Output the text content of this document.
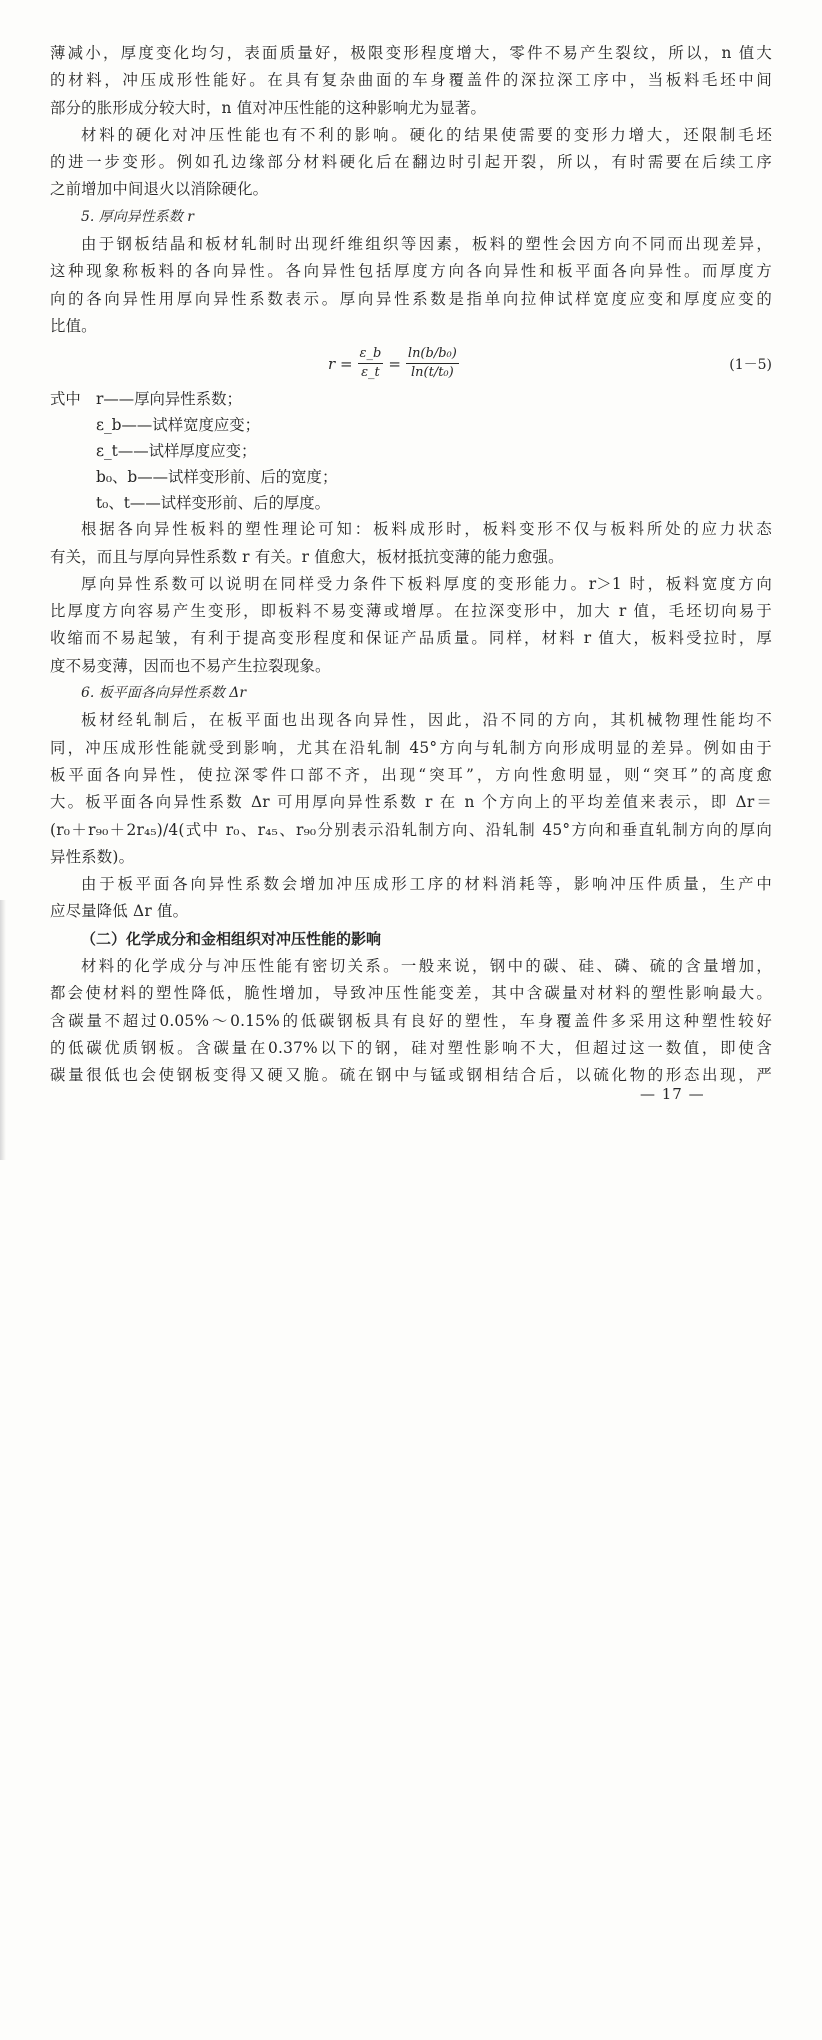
薄减小，厚度变化均匀，表面质量好，极限变形程度增大，零件不易产生裂纹，所以，n 值大

的材料，冲压成形性能好。在具有复杂曲面的车身覆盖件的深拉深工序中，当板料毛坯中间

部分的胀形成分较大时，n 值对冲压性能的这种影响尤为显著。

材料的硬化对冲压性能也有不利的影响。硬化的结果使需要的变形力增大，还限制毛坯

的进一步变形。例如孔边缘部分材料硬化后在翻边时引起开裂，所以，有时需要在后续工序

之前增加中间退火以消除硬化。

5. 厚向异性系数 r

由于钢板结晶和板材轧制时出现纤维组织等因素，板料的塑性会因方向不同而出现差异，

这种现象称板料的各向异性。各向异性包括厚度方向各向异性和板平面各向异性。而厚度方

向的各向异性用厚向异性系数表示。厚向异性系数是指单向拉伸试样宽度应变和厚度应变的

比值。

$r = \frac{\varepsilon\_b}{\varepsilon\_t} = \frac{\text{ln(b/b₀)}}{\text{ln(t/t₀)}}$	(1－5)

式中 r——厚向异性系数；

ε_b——试样宽度应变；

ε_t——试样厚度应变；

b₀、b——试样变形前、后的宽度；

t₀、t——试样变形前、后的厚度。

根据各向异性板料的塑性理论可知：板料成形时，板料变形不仅与板料所处的应力状态

有关，而且与厚向异性系数 r 有关。r 值愈大，板材抵抗变薄的能力愈强。

厚向异性系数可以说明在同样受力条件下板料厚度的变形能力。r＞1 时，板料宽度方向

比厚度方向容易产生变形，即板料不易变薄或增厚。在拉深变形中，加大 r 值，毛坯切向易于

收缩而不易起皱，有利于提高变形程度和保证产品质量。同样，材料 r 值大，板料受拉时，厚

度不易变薄，因而也不易产生拉裂现象。

6. 板平面各向异性系数 Δr

板材经轧制后，在板平面也出现各向异性，因此，沿不同的方向，其机械物理性能均不

同，冲压成形性能就受到影响，尤其在沿轧制 45°方向与轧制方向形成明显的差异。例如由于

板平面各向异性，使拉深零件口部不齐，出现“突耳”，方向性愈明显，则“突耳”的高度愈

大。板平面各向异性系数 Δr 可用厚向异性系数 r 在 n 个方向上的平均差值来表示，即 Δr＝

(r₀＋r₉₀＋2r₄₅)/4(式中 r₀、r₄₅、r₉₀分别表示沿轧制方向、沿轧制 45°方向和垂直轧制方向的厚向

异性系数)。

由于板平面各向异性系数会增加冲压成形工序的材料消耗等，影响冲压件质量，生产中

应尽量降低 Δr 值。

（二）化学成分和金相组织对冲压性能的影响

材料的化学成分与冲压性能有密切关系。一般来说，钢中的碳、硅、磷、硫的含量增加，

都会使材料的塑性降低，脆性增加，导致冲压性能变差，其中含碳量对材料的塑性影响最大。

含碳量不超过0.05%～0.15%的低碳钢板具有良好的塑性，车身覆盖件多采用这种塑性较好

的低碳优质钢板。含碳量在0.37%以下的钢，硅对塑性影响不大，但超过这一数值，即使含

碳量很低也会使钢板变得又硬又脆。硫在钢中与锰或钢相结合后，以硫化物的形态出现，严

— 17 —
